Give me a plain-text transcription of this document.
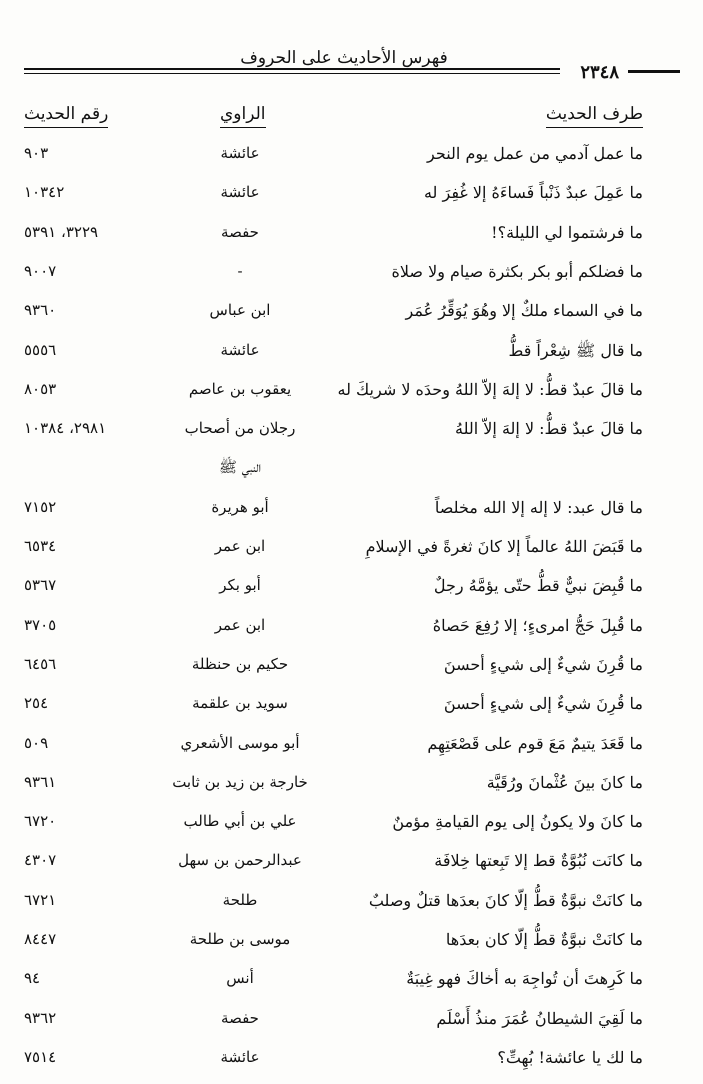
فهرس الأحاديث على الحروف
٢٣٤٨
طرف الحديث
الراوي
رقم الحديث
ما عمل آدمي من عمل يوم النحر
عائشة
٩٠٣
ما عَمِلَ عبدٌ ذَنْباً فَساءَهُ إلا غُفِرَ له
عائشة
١٠٣٤٢
ما فرشتموا لي الليلة؟!
حفصة
٣٢٢٩، ٥٣٩١
ما فضلكم أبو بكر بكثرة صيام ولا صلاة
-
٩٠٠٧
ما في السماء ملكٌ إلا وهُوَ يُوَقِّرُ عُمَر
ابن عباس
٩٣٦٠
ما قال ﷺ شِعْراً قطُّ
عائشة
٥٥٥٦
ما قالَ عبدٌ قطُّ: لا إلهَ إلاّ اللهُ وحدَه لا شريكَ له
يعقوب بن عاصم
٨٠٥٣
ما قالَ عبدٌ قطُّ: لا إلهَ إلاّ اللهُ
رجلان من أصحاب
٢٩٨١، ١٠٣٨٤
النبي ﷺ
ما قال عبد: لا إله إلا الله مخلصاً
أبو هريرة
٧١٥٢
ما قَبَضَ اللهُ عالماً إلا كانَ ثغرةً في الإسلامِ
ابن عمر
٦٥٣٤
ما قُبِضَ نبيٌّ قطُّ حتّى يؤمَّهُ رجلٌ
أبو بكر
٥٣٦٧
ما قُبِلَ حَجُّ امرىءٍ؛ إلا رُفِعَ حَصاهُ
ابن عمر
٣٧٠٥
ما قُرِنَ شيءٌ إلى شيءٍ أحسنَ
حكيم بن حنظلة
٦٤٥٦
ما قُرِنَ شيءٌ إلى شيءٍ أحسنَ
سويد بن علقمة
٢٥٤
ما قَعَدَ يتيمٌ مَعَ قوم على قَصْعَتِهِم
أبو موسى الأشعري
٥٠٩
ما كانَ بينَ عُثْمانَ ورُقَيَّة
خارجة بن زيد بن ثابت
٩٣٦١
ما كانَ ولا يكونُ إلى يوم القيامةِ مؤمنٌ
علي بن أبي طالب
٦٧٢٠
ما كانَت نُبُوَّةٌ قط إلا تَبِعتها خِلافَة
عبدالرحمن بن سهل
٤٣٠٧
ما كانَتْ نبوَّةٌ قطُّ إلّا كانَ بعدَها قتلٌ وصلبٌ
طلحة
٦٧٢١
ما كانَتْ نبوَّةٌ قطُّ إلّا كان بعدَها
موسى بن طلحة
٨٤٤٧
ما كَرِهتَ أن تُواجِهَ به أخاكَ فهو غِيبَةٌ
أنس
٩٤
ما لَقِيَ الشيطانُ عُمَرَ منذُ أَسْلَم
حفصة
٩٣٦٢
ما لك يا عائشة! بُهِتِّ؟
عائشة
٧٥١٤
